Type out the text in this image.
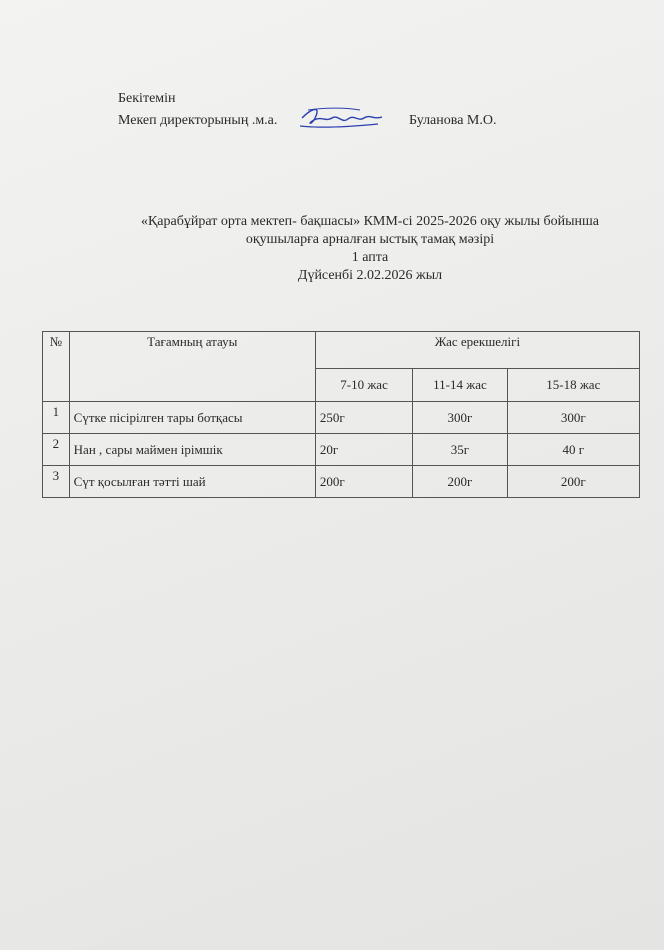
Бекітемін
Мекеп директорының .м.а.	Буланова М.О.
«Қарабұйрат орта мектеп- бақшасы» КММ-сі 2025-2026 оқу жылы бойынша
оқушыларға арналған ыстық тамақ мәзірі
1 апта
Дүйсенбі 2.02.2026 жыл
№	Тағамның атауы	Жас ерекшелігі		
		7-10 жас	11-14 жас	15-18 жас
1	Сүтке пісірілген тары ботқасы	250г	300г	300г
2	Нан , сары маймен ірімшік	20г	35г	40 г
3	Сүт қосылған тәтті шай	200г	200г	200г
